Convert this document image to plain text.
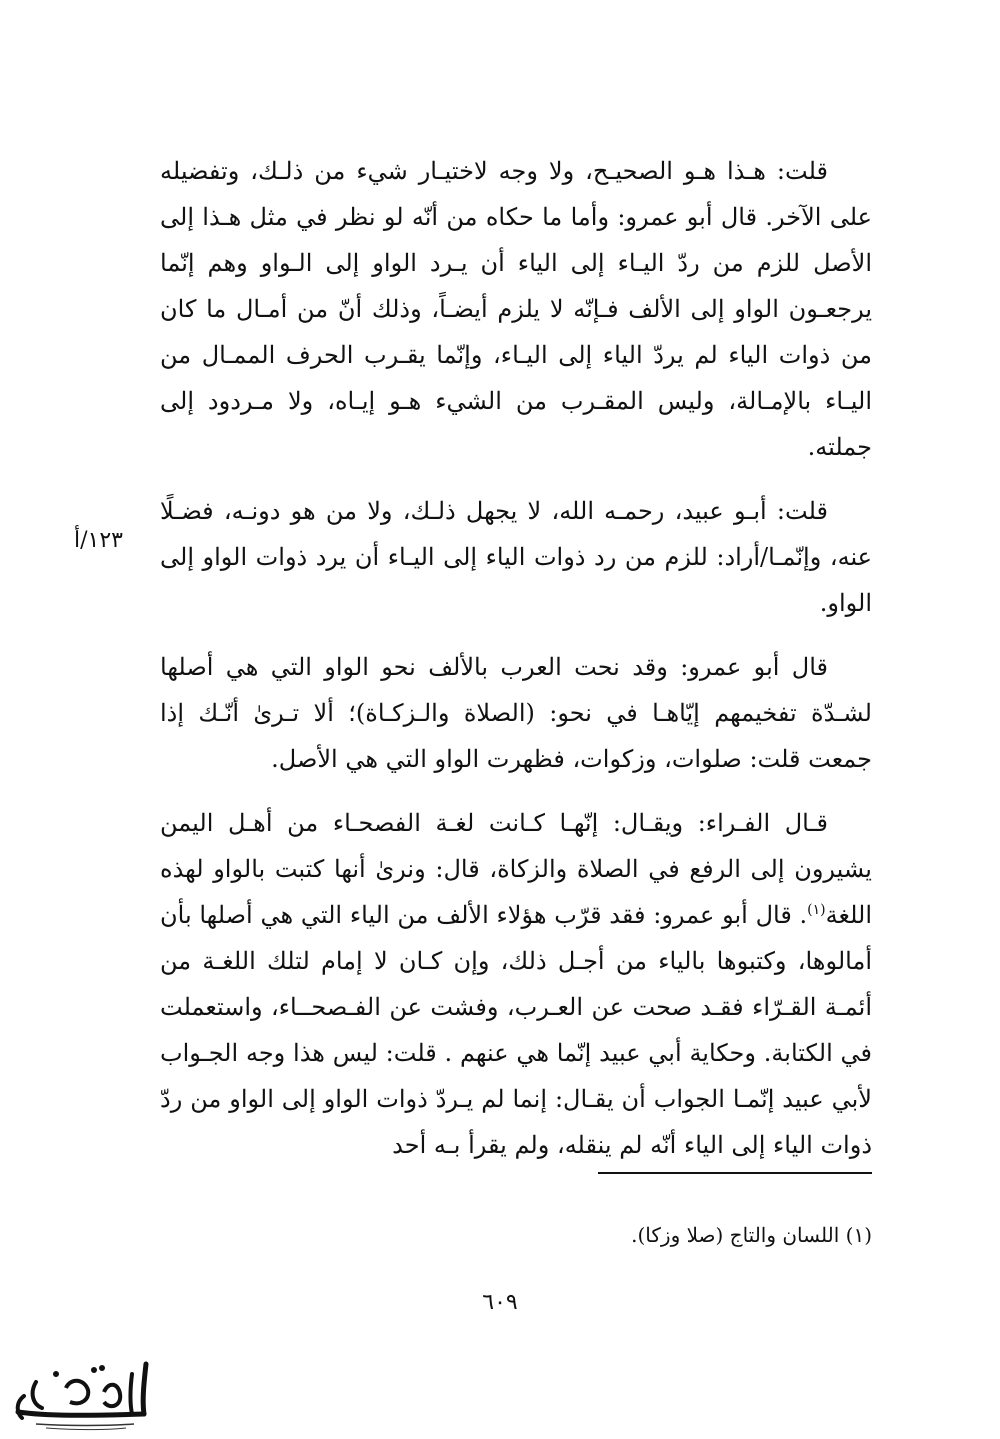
قلت: هـذا هـو الصحيـح، ولا وجه لاختيـار شيء من ذلـك، وتفضيله على الآخر. قال أبو عمرو: وأما ما حكاه من أنّه لو نظر في مثل هـذا إلى الأصل للزم من ردّ اليـاء إلى الياء أن يـرد الواو إلى الـواو وهم إنّما يرجعـون الواو إلى الألف فـإنّه لا يلزم أيضـاً، وذلك أنّ من أمـال ما كان من ذوات الياء لم يردّ الياء إلى اليـاء، وإنّما يقـرب الحرف الممـال من اليـاء بالإمـالة، وليس المقـرب من الشيء هـو إيـاه، ولا مـردود إلى جملته.

قلت: أبـو عبيد، رحمـه الله، لا يجهل ذلـك، ولا من هو دونـه، فضـلًا عنه، وإنّمـا/أراد: للزم من رد ذوات الياء إلى اليـاء أن يرد ذوات الواو إلى الواو.

قال أبو عمرو: وقد نحت العرب بالألف نحو الواو التي هي أصلها لشـدّة تفخيمهم إيّاهـا في نحو: (الصلاة والـزكـاة)؛ ألا تـرىٰ أنّـك إذا جمعت قلت: صلوات، وزكوات، فظهرت الواو التي هي الأصل.

قـال الفـراء: ويقـال: إنّهـا كـانت لغـة الفصحـاء من أهـل اليمن يشيرون إلى الرفع في الصلاة والزكاة، قال: ونرىٰ أنها كتبت بالواو لهذه اللغة$^{(١)}$. قال أبو عمرو: فقد قرّب هؤلاء الألف من الياء التي هي أصلها بأن أمالوها، وكتبوها بالياء من أجـل ذلك، وإن كـان لا إمام لتلك اللغـة من أئمـة القـرّاء فقـد صحت عن العـرب، وفشت عن الفـصحــاء، واستعملت في الكتابة. وحكاية أبي عبيد إنّما هي عنهم . قلت: ليس هذا وجه الجـواب لأبي عبيد إنّمـا الجواب أن يقـال: إنما لم يـردّ ذوات الواو إلى الواو من ردّ ذوات الياء إلى الياء أنّه لم ينقله، ولم يقرأ بـه أحد

١٢٣/أ
(١) اللسان والتاج (صلا وزكا).
٦٠٩
